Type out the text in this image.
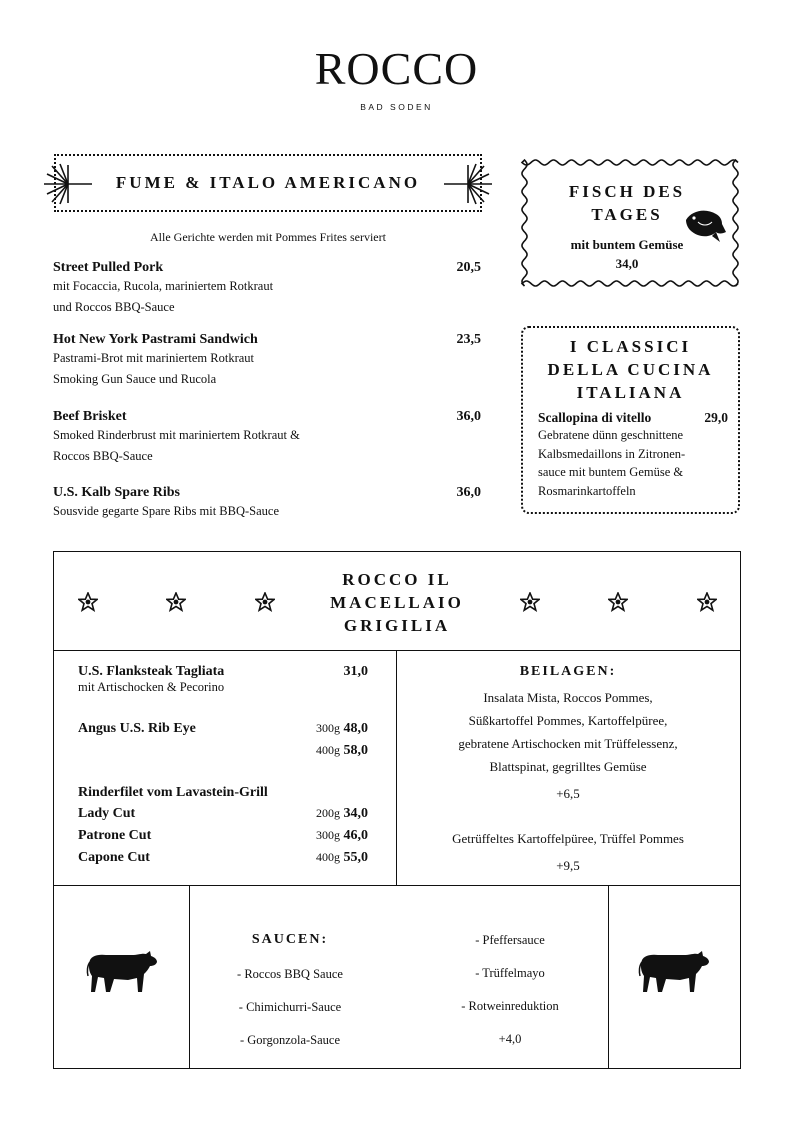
ROCCO
BAD SODEN
FUME & ITALO AMERICANO
Alle Gerichte werden mit Pommes Frites serviert
Street Pulled Pork	20,5
mit Focaccia, Rucola, mariniertem Rotkraut
und Roccos BBQ-Sauce
Hot New York Pastrami Sandwich	23,5
Pastrami-Brot mit mariniertem Rotkraut
Smoking Gun Sauce und Rucola
Beef Brisket	36,0
Smoked Rinderbrust mit mariniertem Rotkraut &
Roccos BBQ-Sauce
U.S. Kalb Spare Ribs	36,0
Sousvide gegarte Spare Ribs mit BBQ-Sauce
FISCH DES
TAGES
mit buntem Gemüse
34,0
I CLASSICI
DELLA CUCINA
ITALIANA
Scallopina di vitello	29,0
Gebratene dünn geschnittene
Kalbsmedaillons in Zitronen-
sauce mit buntem Gemüse &
Rosmarinkartoffeln
ROCCO IL
MACELLAIO
GRIGILIA
U.S. Flanksteak Tagliata	31,0
mit Artischocken & Pecorino
Angus U.S. Rib Eye	300g 48,0
400g 58,0
Rinderfilet vom Lavastein-Grill
Lady Cut	200g 34,0
Patrone Cut	300g 46,0
Capone Cut	400g 55,0
BEILAGEN:
Insalata Mista, Roccos Pommes,
Süßkartoffel Pommes, Kartoffelpüree,
gebratene Artischocken mit Trüffelessenz,
Blattspinat, gegrilltes Gemüse
+6,5
Getrüffeltes Kartoffelpüree, Trüffel Pommes
+9,5
SAUCEN:
- Roccos BBQ Sauce
- Chimichurri-Sauce
- Gorgonzola-Sauce
- Pfeffersauce
- Trüffelmayo
- Rotweinreduktion
+4,0
